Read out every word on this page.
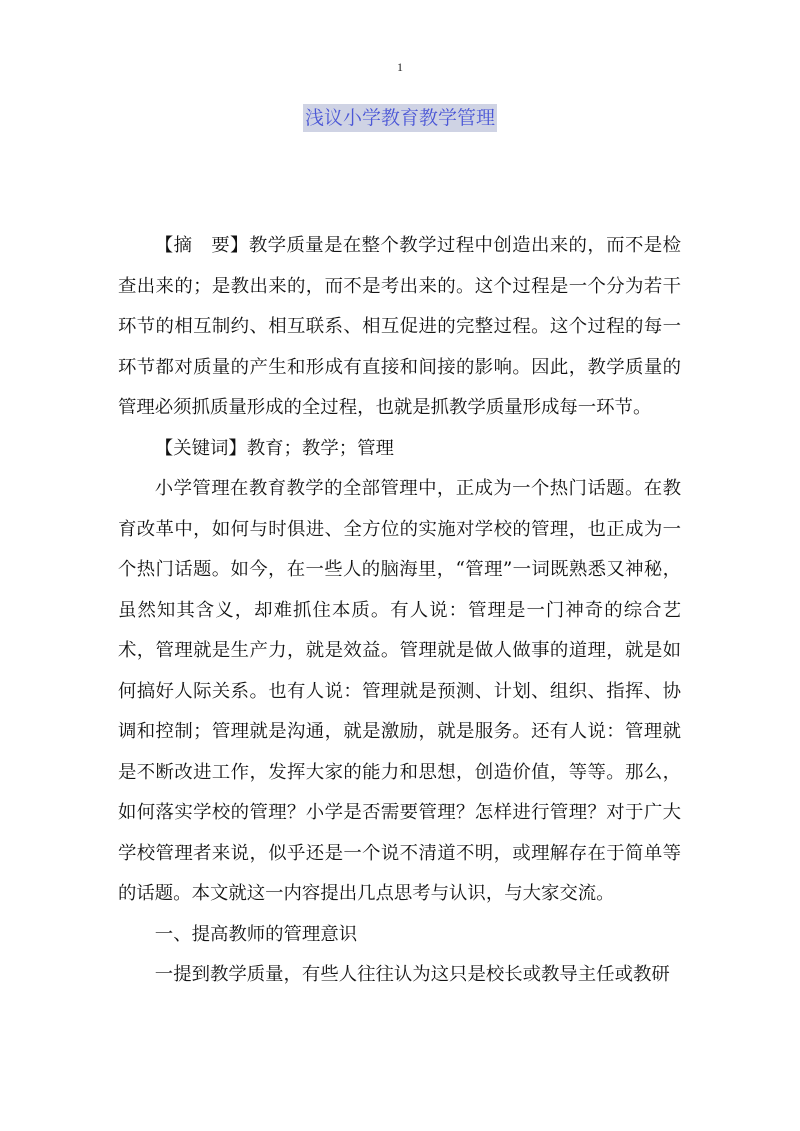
1
浅议小学教育教学管理

【摘　要】教学质量是在整个教学过程中创造出来的，而不是检查出来的；是教出来的，而不是考出来的。这个过程是一个分为若干环节的相互制约、相互联系、相互促进的完整过程。这个过程的每一环节都对质量的产生和形成有直接和间接的影响。因此，教学质量的管理必须抓质量形成的全过程，也就是抓教学质量形成每一环节。

【关键词】教育；教学；管理

小学管理在教育教学的全部管理中，正成为一个热门话题。在教育改革中，如何与时俱进、全方位的实施对学校的管理，也正成为一个热门话题。如今，在一些人的脑海里，“管理”一词既熟悉又神秘，虽然知其含义，却难抓住本质。有人说：管理是一门神奇的综合艺术，管理就是生产力，就是效益。管理就是做人做事的道理，就是如何搞好人际关系。也有人说：管理就是预测、计划、组织、指挥、协调和控制；管理就是沟通，就是激励，就是服务。还有人说：管理就是不断改进工作，发挥大家的能力和思想，创造价值，等等。那么，如何落实学校的管理？小学是否需要管理？怎样进行管理？对于广大学校管理者来说，似乎还是一个说不清道不明，或理解存在于简单等的话题。本文就这一内容提出几点思考与认识，与大家交流。

一、提高教师的管理意识

一提到教学质量，有些人往往认为这只是校长或教导主任或教研
